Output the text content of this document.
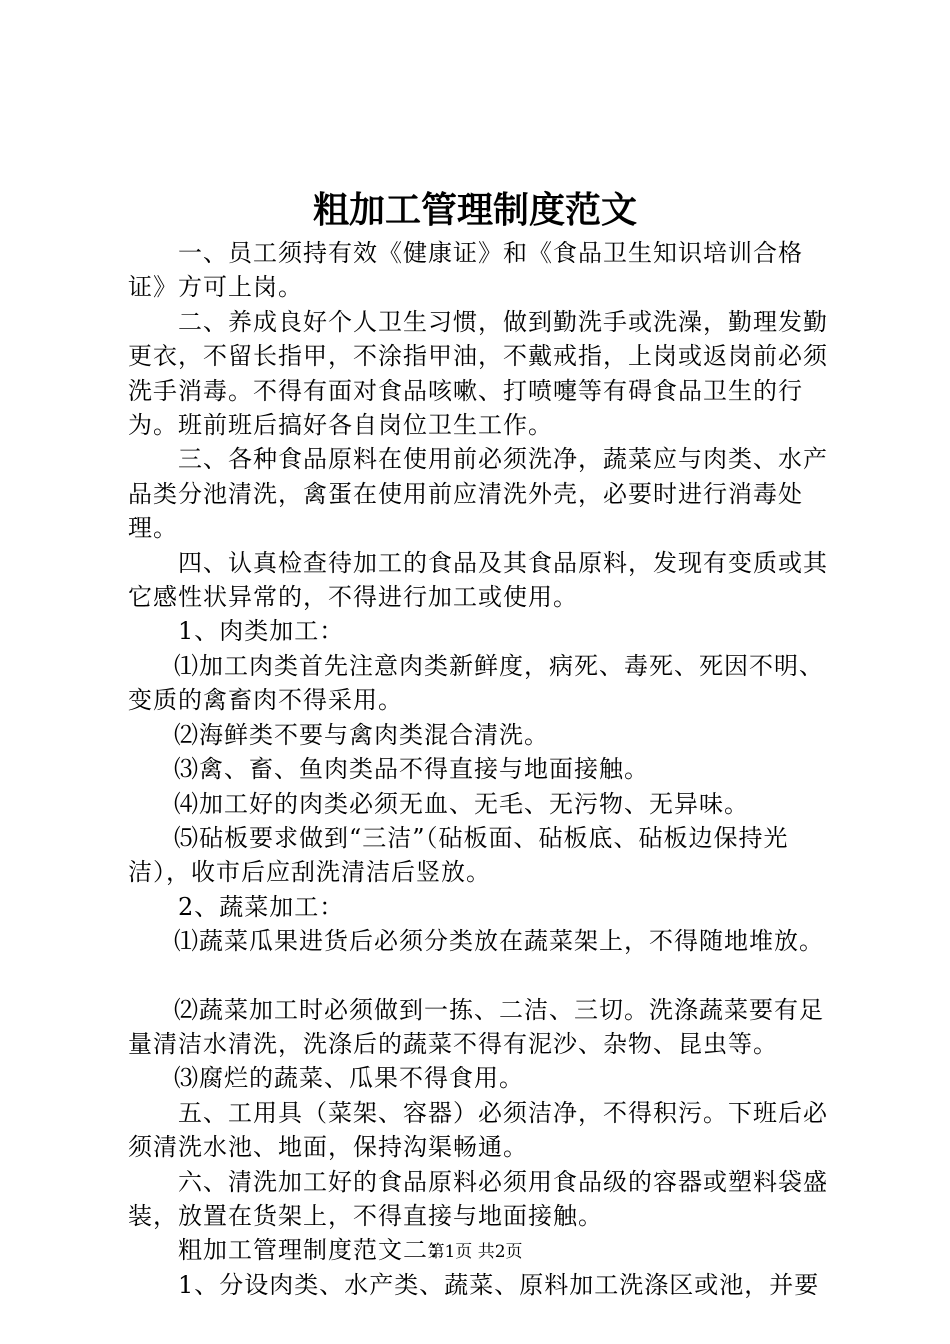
粗加工管理制度范文

一、员工须持有效《健康证》和《食品卫生知识培训合格证》方可上岗。

二、养成良好个人卫生习惯，做到勤洗手或洗澡，勤理发勤更衣，不留长指甲，不涂指甲油，不戴戒指，上岗或返岗前必须洗手消毒。不得有面对食品咳嗽、打喷嚏等有碍食品卫生的行为。班前班后搞好各自岗位卫生工作。

三、各种食品原料在使用前必须洗净，蔬菜应与肉类、水产品类分池清洗，禽蛋在使用前应清洗外壳，必要时进行消毒处理。

四、认真检查待加工的食品及其食品原料，发现有变质或其它感性状异常的，不得进行加工或使用。

1、肉类加工：

⑴加工肉类首先注意肉类新鲜度，病死、毒死、死因不明、变质的禽畜肉不得采用。

⑵海鲜类不要与禽肉类混合清洗。

⑶禽、畜、鱼肉类品不得直接与地面接触。

⑷加工好的肉类必须无血、无毛、无污物、无异味。

⑸砧板要求做到“三洁”（砧板面、砧板底、砧板边保持光洁），收市后应刮洗清洁后竖放。

2、蔬菜加工：

⑴蔬菜瓜果进货后必须分类放在蔬菜架上，不得随地堆放。

⑵蔬菜加工时必须做到一拣、二洁、三切。洗涤蔬菜要有足量清洁水清洗，洗涤后的蔬菜不得有泥沙、杂物、昆虫等。

⑶腐烂的蔬菜、瓜果不得食用。

五、工用具（菜架、容器）必须洁净，不得积污。下班后必须清洗水池、地面，保持沟渠畅通。

六、清洗加工好的食品原料必须用食品级的容器或塑料袋盛装，放置在货架上，不得直接与地面接触。

粗加工管理制度范文二：

1、分设肉类、水产类、蔬菜、原料加工洗涤区或池，并要

第1页 共2页
